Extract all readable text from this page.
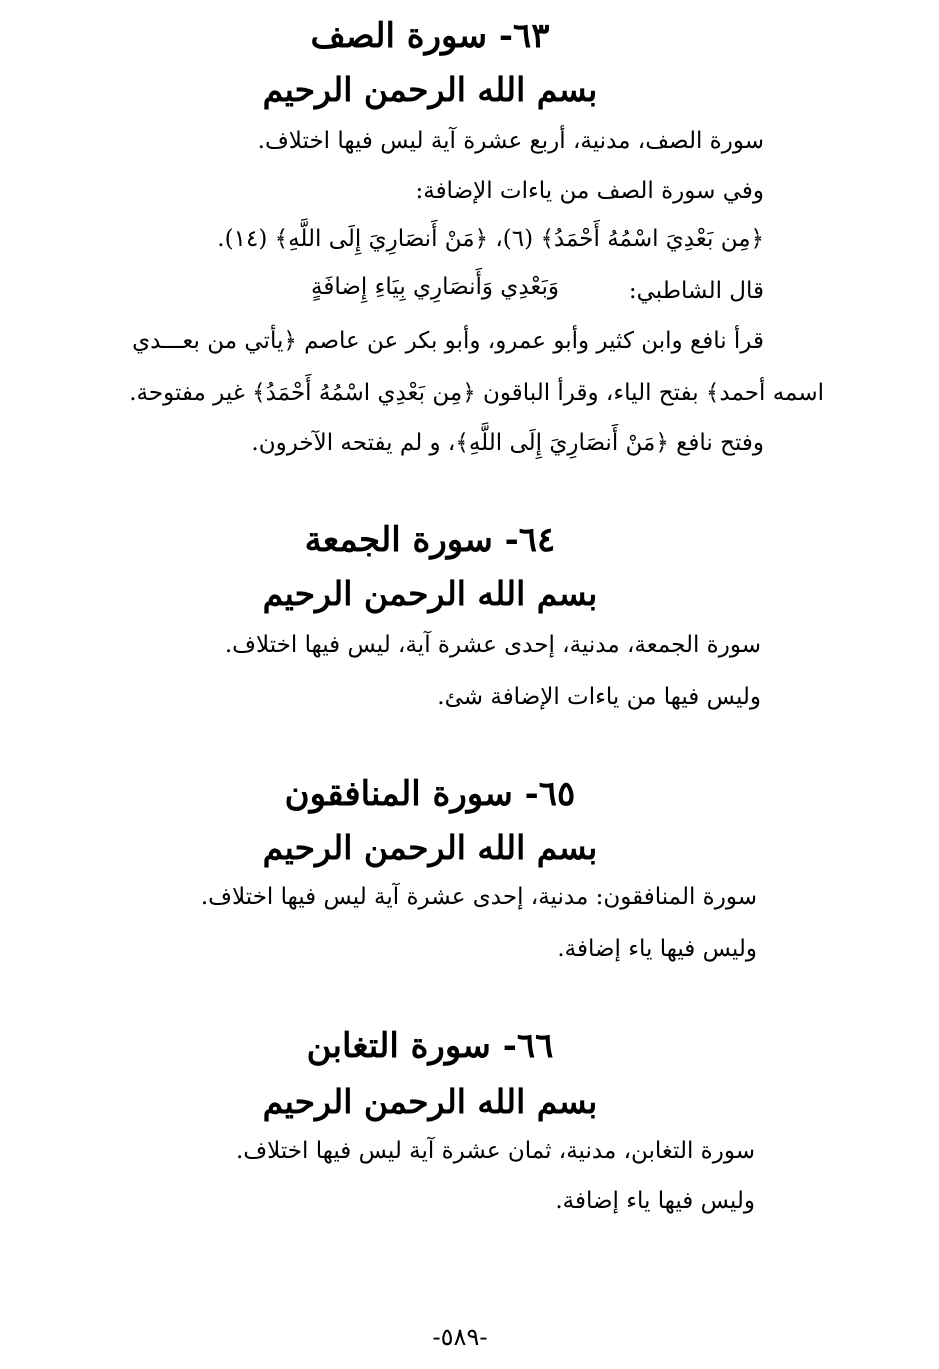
٦٣- سورة الصف
بسم الله الرحمن الرحيم
سورة الصف، مدنية، أربع عشرة آية ليس فيها اختلاف.
وفي سورة الصف من ياءات الإضافة:
﴿مِن بَعْدِيَ اسْمُهُ أَحْمَدُ﴾ (٦)، ﴿مَنْ أَنصَارِيَ إِلَى اللَّهِ﴾ (١٤).
قال الشاطبي:
وَبَعْدِي وَأَنصَارِي بِيَاءِ إِضافَةٍ
قرأ نافع وابن كثير وأبو عمرو، وأبو بكر عن عاصم ﴿يأتي من بعـــدي
اسمه أحمد﴾ بفتح الياء، وقرأ الباقون ﴿مِن بَعْدِي اسْمُهُ أَحْمَدُ﴾ غير مفتوحة.
وفتح نافع ﴿مَنْ أَنصَارِيَ إِلَى اللَّهِ﴾، و لم يفتحه الآخرون.
٦٤- سورة الجمعة
بسم الله الرحمن الرحيم
سورة الجمعة، مدنية، إحدى عشرة آية، ليس فيها اختلاف.
وليس فيها من ياءات الإضافة شئ.
٦٥- سورة المنافقون
بسم الله الرحمن الرحيم
سورة المنافقون: مدنية، إحدى عشرة آية ليس فيها اختلاف.
وليس فيها ياء إضافة.
٦٦- سورة التغابن
بسم الله الرحمن الرحيم
سورة التغابن، مدنية، ثمان عشرة آية ليس فيها اختلاف.
وليس فيها ياء إضافة.
-٥٨٩-
